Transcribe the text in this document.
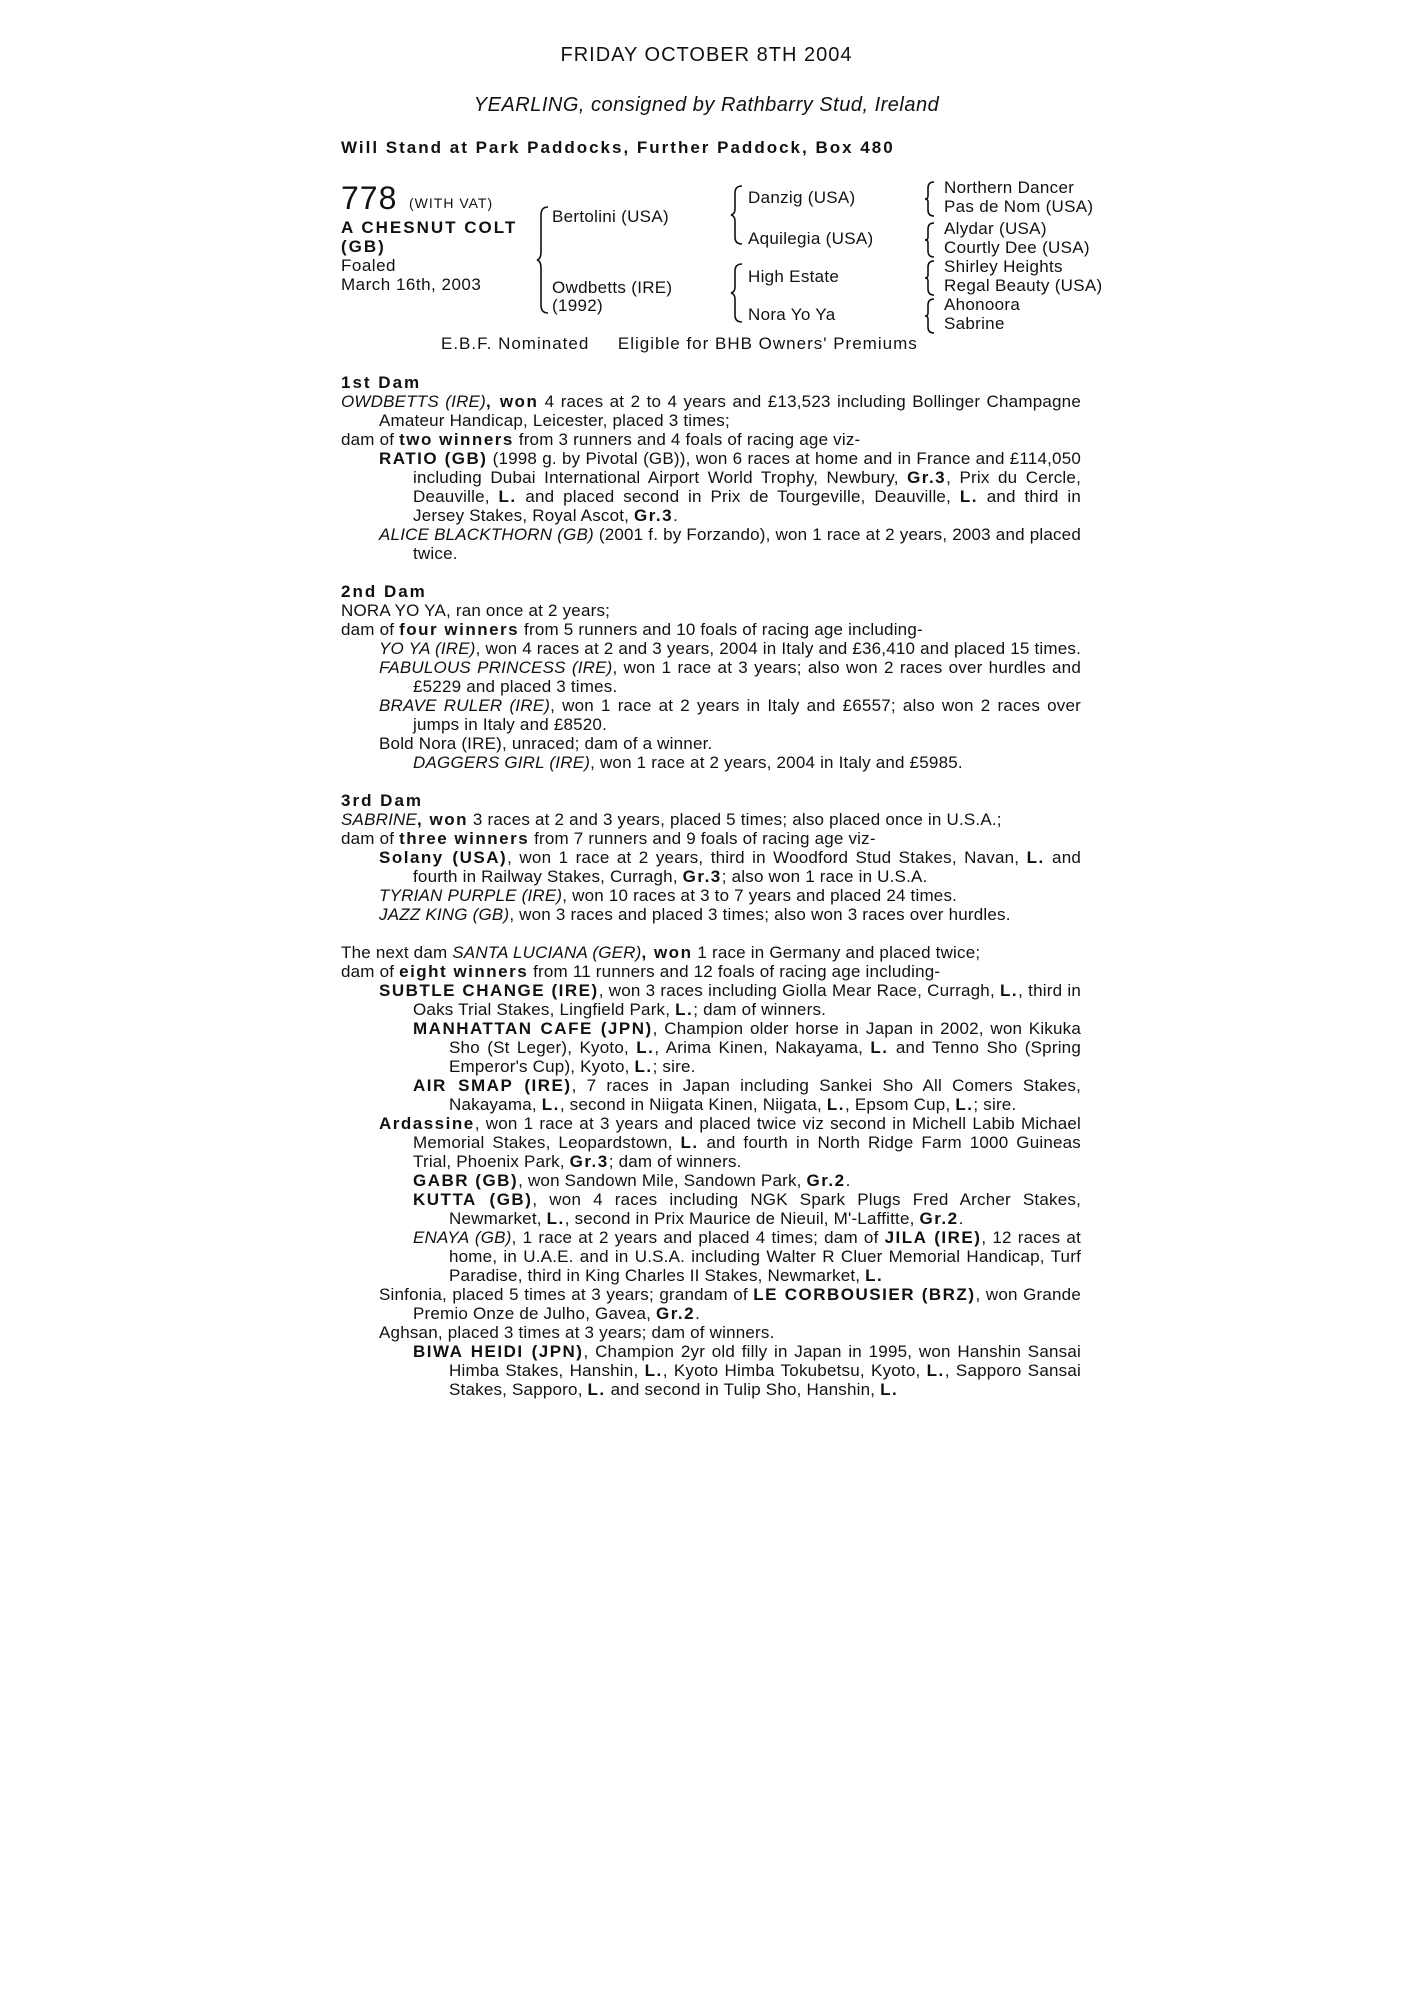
FRIDAY OCTOBER 8TH 2004
YEARLING, consigned by Rathbarry Stud, Ireland
Will Stand at Park Paddocks, Further Paddock, Box 480
778 (WITH VAT)
A CHESNUT COLT
(GB)
Foaled
March 16th, 2003
Bertolini (USA)
Owdbetts (IRE)
(1992)
Danzig (USA)
Aquilegia (USA)
High Estate
Nora Yo Ya
Northern Dancer
Pas de Nom (USA)
Alydar (USA)
Courtly Dee (USA)
Shirley Heights
Regal Beauty (USA)
Ahonoora
Sabrine
E.B.F. Nominated Eligible for BHB Owners' Premiums
1st Dam
OWDBETTS (IRE), won 4 races at 2 to 4 years and £13,523 including Bollinger Champagne Amateur Handicap, Leicester, placed 3 times;
dam of two winners from 3 runners and 4 foals of racing age viz-
RATIO (GB) (1998 g. by Pivotal (GB)), won 6 races at home and in France and £114,050 including Dubai International Airport World Trophy, Newbury, Gr.3, Prix du Cercle, Deauville, L. and placed second in Prix de Tourgeville, Deauville, L. and third in Jersey Stakes, Royal Ascot, Gr.3.
ALICE BLACKTHORN (GB) (2001 f. by Forzando), won 1 race at 2 years, 2003 and placed twice.
2nd Dam
NORA YO YA, ran once at 2 years;
dam of four winners from 5 runners and 10 foals of racing age including-
YO YA (IRE), won 4 races at 2 and 3 years, 2004 in Italy and £36,410 and placed 15 times.
FABULOUS PRINCESS (IRE), won 1 race at 3 years; also won 2 races over hurdles and £5229 and placed 3 times.
BRAVE RULER (IRE), won 1 race at 2 years in Italy and £6557; also won 2 races over jumps in Italy and £8520.
Bold Nora (IRE), unraced; dam of a winner.
DAGGERS GIRL (IRE), won 1 race at 2 years, 2004 in Italy and £5985.
3rd Dam
SABRINE, won 3 races at 2 and 3 years, placed 5 times; also placed once in U.S.A.;
dam of three winners from 7 runners and 9 foals of racing age viz-
Solany (USA), won 1 race at 2 years, third in Woodford Stud Stakes, Navan, L. and fourth in Railway Stakes, Curragh, Gr.3; also won 1 race in U.S.A.
TYRIAN PURPLE (IRE), won 10 races at 3 to 7 years and placed 24 times.
JAZZ KING (GB), won 3 races and placed 3 times; also won 3 races over hurdles.
The next dam SANTA LUCIANA (GER), won 1 race in Germany and placed twice;
dam of eight winners from 11 runners and 12 foals of racing age including-
SUBTLE CHANGE (IRE), won 3 races including Giolla Mear Race, Curragh, L., third in Oaks Trial Stakes, Lingfield Park, L.; dam of winners.
MANHATTAN CAFE (JPN), Champion older horse in Japan in 2002, won Kikuka Sho (St Leger), Kyoto, L., Arima Kinen, Nakayama, L. and Tenno Sho (Spring Emperor's Cup), Kyoto, L.; sire.
AIR SMAP (IRE), 7 races in Japan including Sankei Sho All Comers Stakes, Nakayama, L., second in Niigata Kinen, Niigata, L., Epsom Cup, L.; sire.
Ardassine, won 1 race at 3 years and placed twice viz second in Michell Labib Michael Memorial Stakes, Leopardstown, L. and fourth in North Ridge Farm 1000 Guineas Trial, Phoenix Park, Gr.3; dam of winners.
GABR (GB), won Sandown Mile, Sandown Park, Gr.2.
KUTTA (GB), won 4 races including NGK Spark Plugs Fred Archer Stakes, Newmarket, L., second in Prix Maurice de Nieuil, M'-Laffitte, Gr.2.
ENAYA (GB), 1 race at 2 years and placed 4 times; dam of JILA (IRE), 12 races at home, in U.A.E. and in U.S.A. including Walter R Cluer Memorial Handicap, Turf Paradise, third in King Charles II Stakes, Newmarket, L.
Sinfonia, placed 5 times at 3 years; grandam of LE CORBOUSIER (BRZ), won Grande Premio Onze de Julho, Gavea, Gr.2.
Aghsan, placed 3 times at 3 years; dam of winners.
BIWA HEIDI (JPN), Champion 2yr old filly in Japan in 1995, won Hanshin Sansai Himba Stakes, Hanshin, L., Kyoto Himba Tokubetsu, Kyoto, L., Sapporo Sansai Stakes, Sapporo, L. and second in Tulip Sho, Hanshin, L.
